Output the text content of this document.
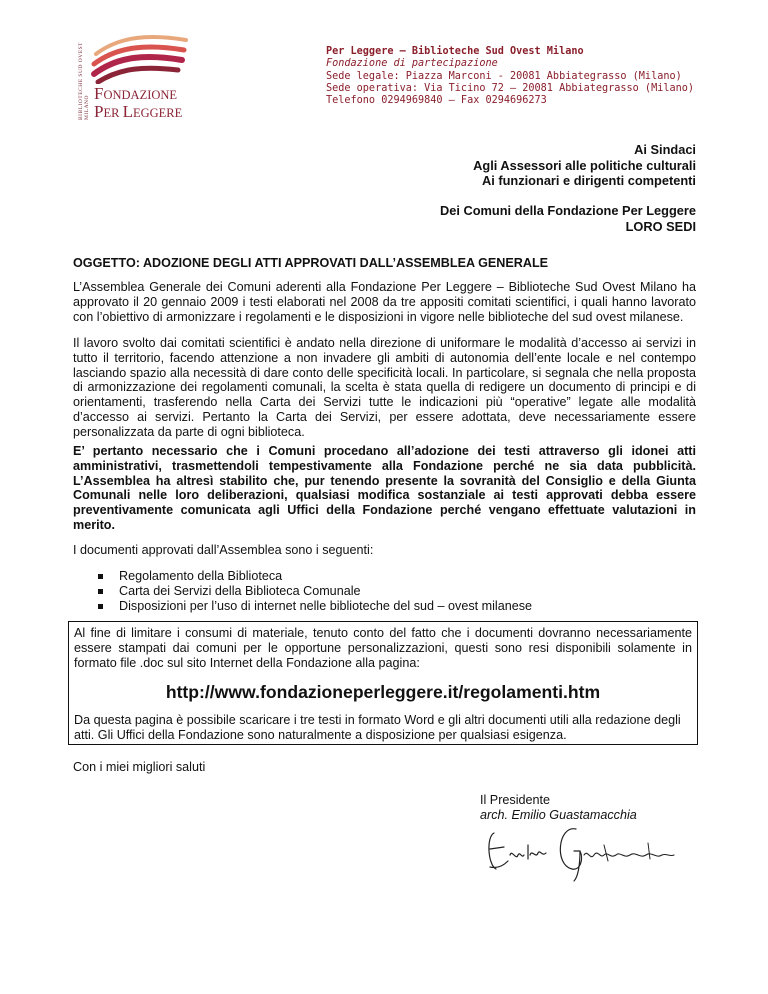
BIBLIOTECHE SUD OVEST MILANO
FONDAZIONE
PER LEGGERE
Per Leggere – Biblioteche Sud Ovest Milano
Fondazione di partecipazione
Sede legale: Piazza Marconi - 20081 Abbiategrasso (Milano)
Sede operativa: Via Ticino 72 – 20081 Abbiategrasso (Milano)
Telefono 0294969840 – Fax 0294696273
Ai Sindaci
Agli Assessori alle politiche culturali
Ai funzionari e dirigenti competenti
Dei Comuni della Fondazione Per Leggere
LORO SEDI
OGGETTO: ADOZIONE DEGLI ATTI APPROVATI DALL’ASSEMBLEA GENERALE
L’Assemblea Generale dei Comuni aderenti alla Fondazione Per Leggere – Biblioteche Sud Ovest Milano ha approvato il 20 gennaio 2009 i testi elaborati nel 2008 da tre appositi comitati scientifici, i quali hanno lavorato con l’obiettivo di armonizzare i regolamenti e le disposizioni in vigore nelle biblioteche del sud ovest milanese.
Il lavoro svolto dai comitati scientifici è andato nella direzione di uniformare le modalità d’accesso ai servizi in tutto il territorio, facendo attenzione a non invadere gli ambiti di autonomia dell’ente locale e nel contempo lasciando spazio alla necessità di dare conto delle specificità locali. In particolare, si segnala che nella proposta di armonizzazione dei regolamenti comunali, la scelta è stata quella di redigere un documento di principi e di orientamenti, trasferendo nella Carta dei Servizi tutte le indicazioni più “operative” legate alle modalità d’accesso ai servizi. Pertanto la Carta dei Servizi, per essere adottata, deve necessariamente essere personalizzata da parte di ogni biblioteca.
E’ pertanto necessario che i Comuni procedano all’adozione dei testi attraverso gli idonei atti amministrativi, trasmettendoli tempestivamente alla Fondazione perché ne sia data pubblicità. L’Assemblea ha altresì stabilito che, pur tenendo presente la sovranità del Consiglio e della Giunta Comunali nelle loro deliberazioni, qualsiasi modifica sostanziale ai testi approvati debba essere preventivamente comunicata agli Uffici della Fondazione perché vengano effettuate valutazioni in merito.
I documenti approvati dall’Assemblea sono i seguenti:
Regolamento della Biblioteca
Carta dei Servizi della Biblioteca Comunale
Disposizioni per l’uso di internet nelle biblioteche del sud – ovest milanese
Al fine di limitare i consumi di materiale, tenuto conto del fatto che i documenti dovranno necessariamente essere stampati dai comuni per le opportune personalizzazioni, questi sono resi disponibili solamente in formato file .doc sul sito Internet della Fondazione alla pagina:
http://www.fondazioneperleggere.it/regolamenti.htm
Da questa pagina è possibile scaricare i tre testi in formato Word e gli altri documenti utili alla redazione degli atti. Gli Uffici della Fondazione sono naturalmente a disposizione per qualsiasi esigenza.
Con i miei migliori saluti
Il Presidente
arch. Emilio Guastamacchia
